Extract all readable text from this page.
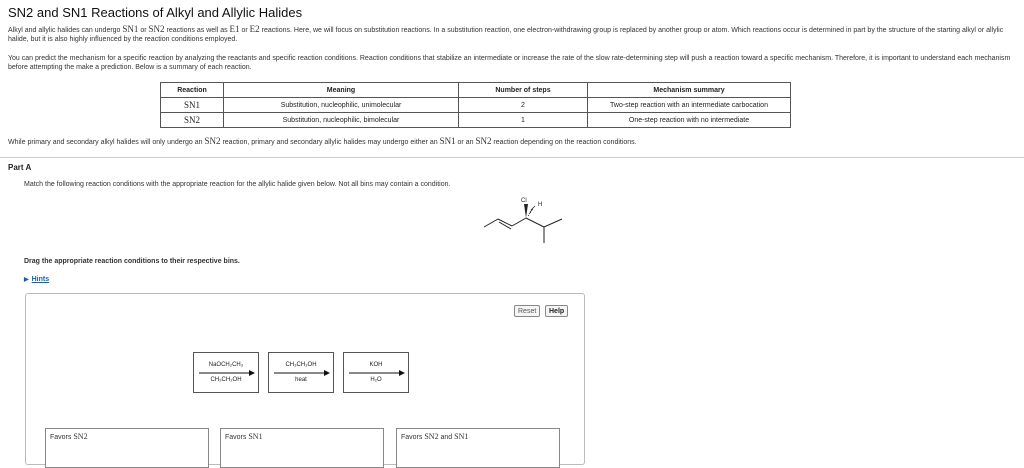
SN2 and SN1 Reactions of Alkyl and Allylic Halides
Alkyl and allylic halides can undergo SN1 or SN2 reactions as well as E1 or E2 reactions. Here, we will focus on substitution reactions. In a substitution reaction, one electron-withdrawing group is replaced by another group or atom. Which reactions occur is determined in part by the structure of the starting alkyl or allylic halide, but it is also highly influenced by the reaction conditions employed.
You can predict the mechanism for a specific reaction by analyzing the reactants and specific reaction conditions. Reaction conditions that stabilize an intermediate or increase the rate of the slow rate-determining step will push a reaction toward a specific mechanism. Therefore, it is important to understand each mechanism before attempting the make a prediction. Below is a summary of each reaction.
Reaction	Meaning	Number of steps	Mechanism summary
SN1	Substitution, nucleophilic, unimolecular	2	Two-step reaction with an intermediate carbocation
SN2	Substitution, nucleophilic, bimolecular	1	One-step reaction with no intermediate
While primary and secondary alkyl halides will only undergo an SN2 reaction, primary and secondary allylic halides may undergo either an SN1 or an SN2 reaction depending on the reaction conditions.
Part A
Match the following reaction conditions with the appropriate reaction for the allylic halide given below. Not all bins may contain a condition.
Cl
H
Drag the appropriate reaction conditions to their respective bins.
▶ Hints
Reset	Help
NaOCH₂CH₃
CH₃CH₂OH
CH₃CH₂OH
heat
KOH
H₂O
Favors SN2	Favors SN1	Favors SN2 and SN1
